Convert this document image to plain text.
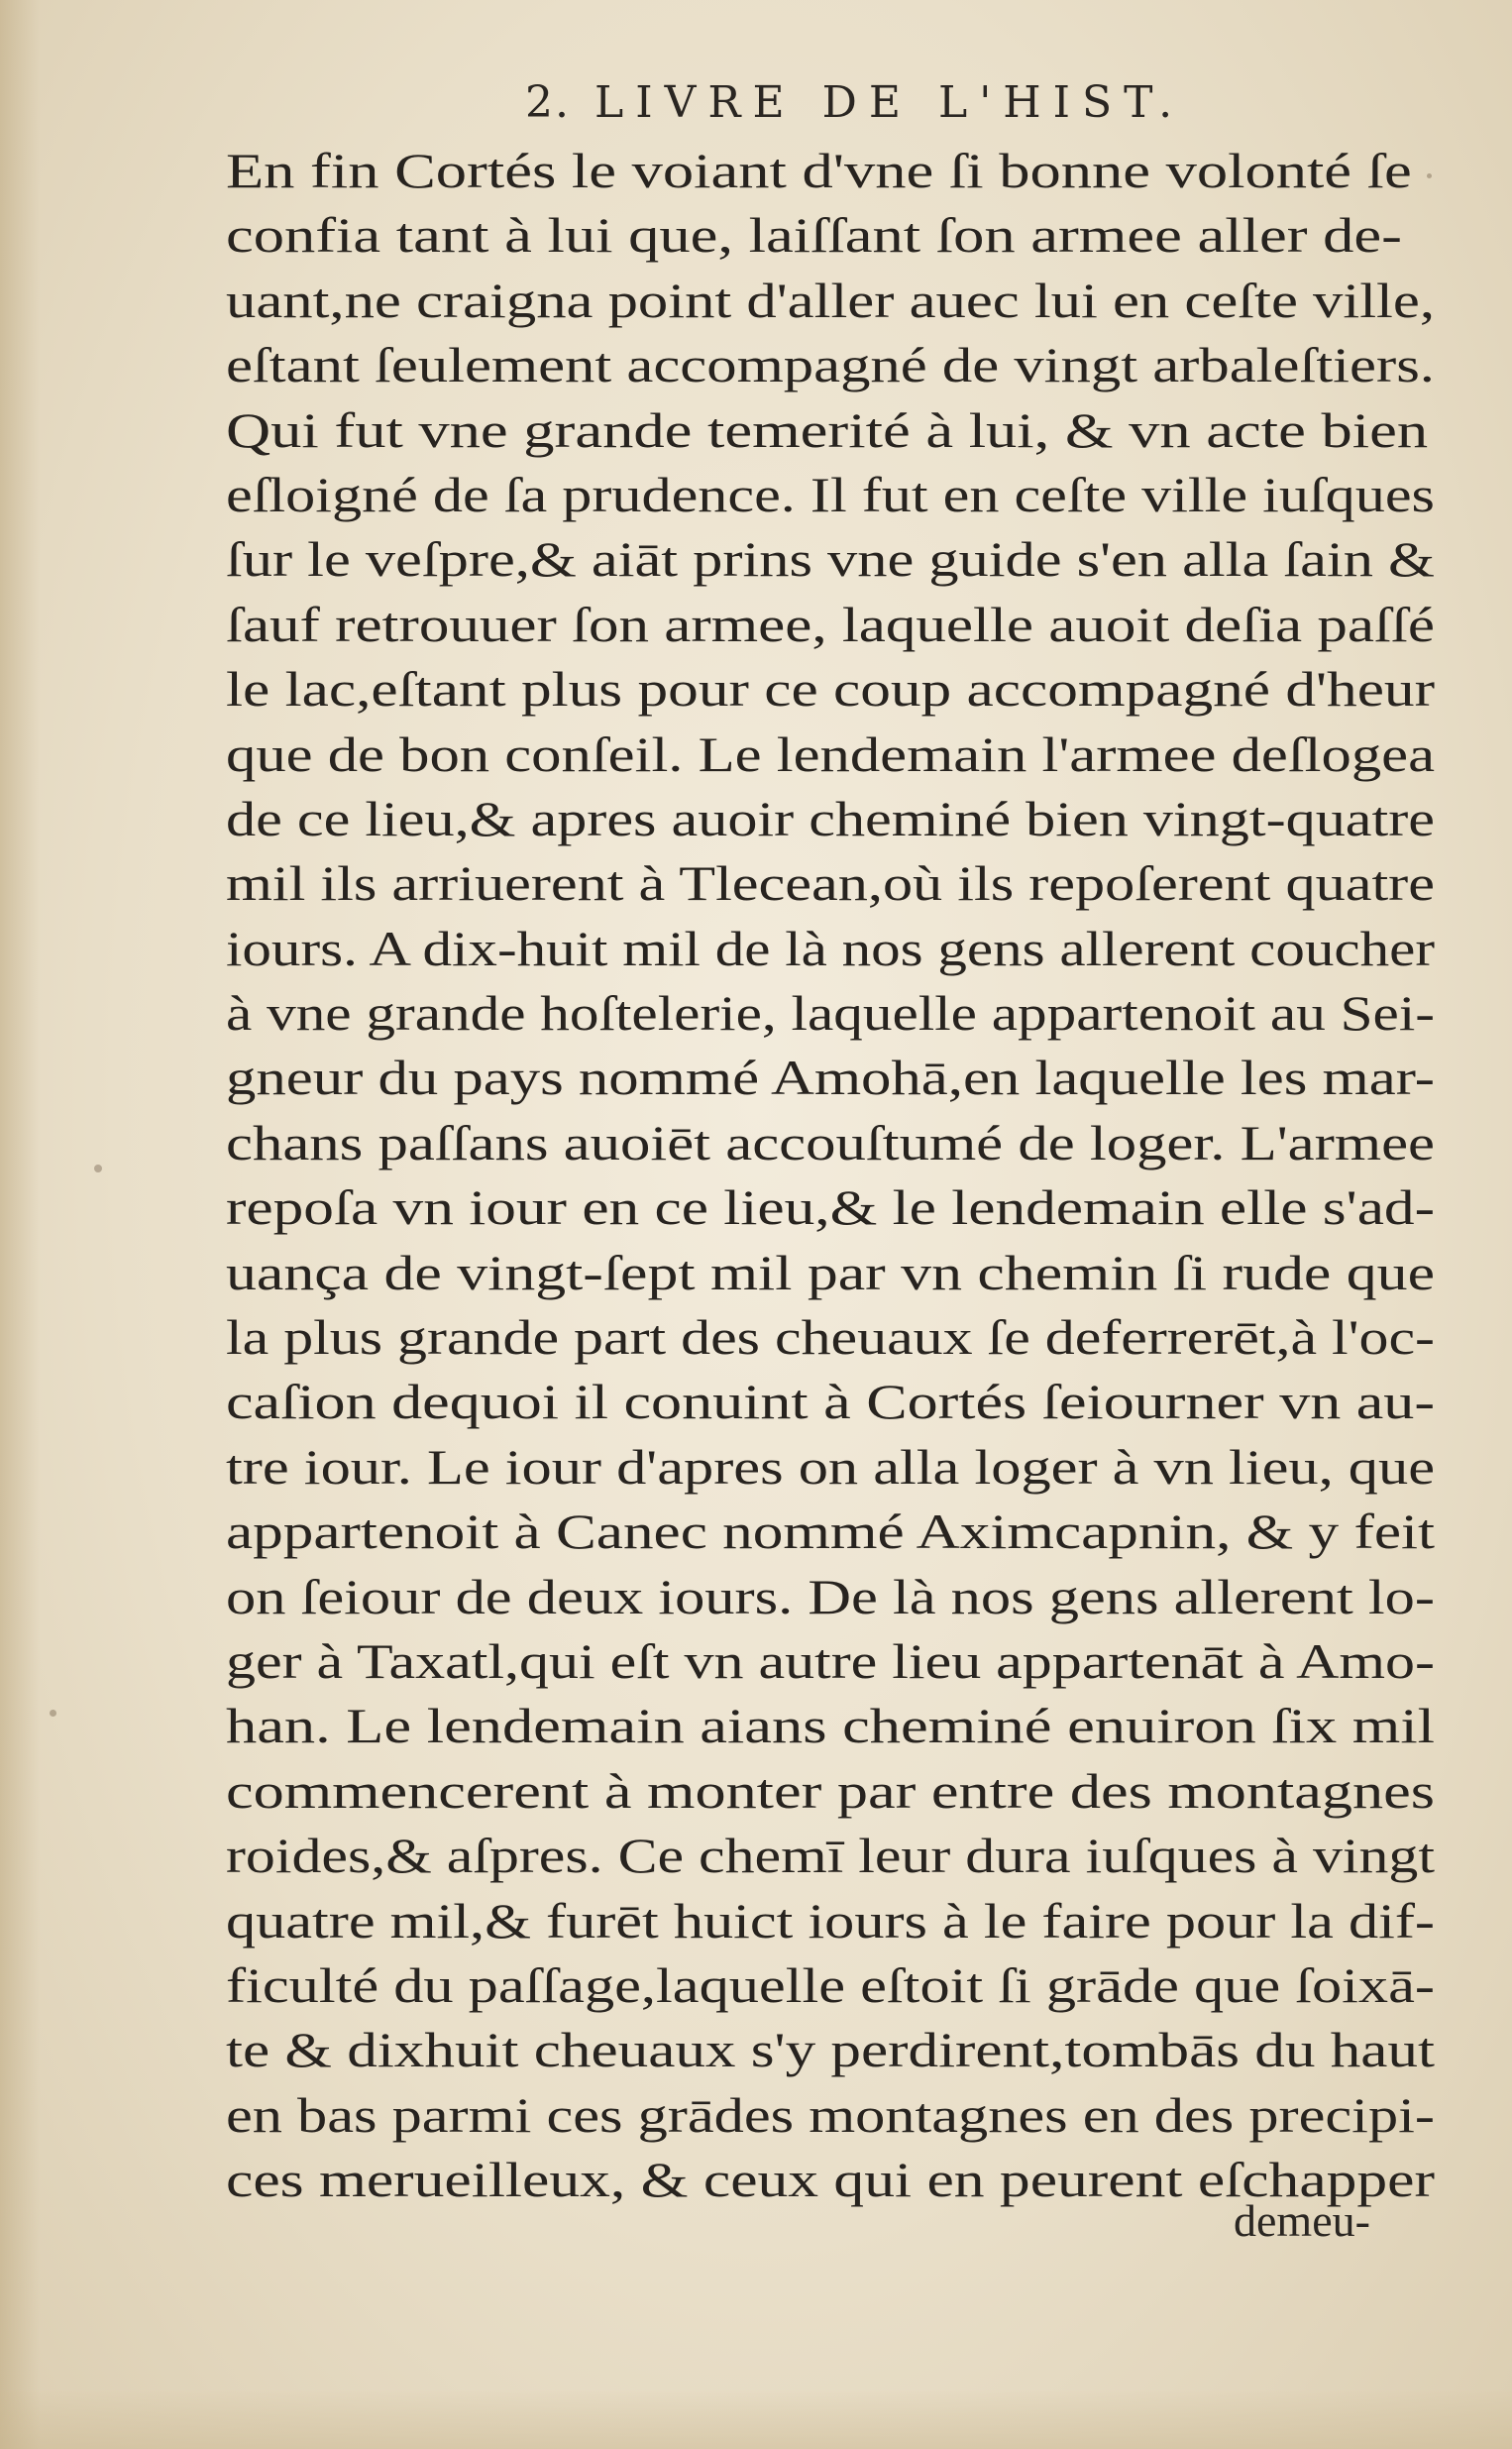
2. LIVRE DE L'HIST.
En fin Cortés le voiant d'vne ſi bonne volonté ſe
confia tant à lui que, laiſſant ſon armee aller de-
uant,ne craigna point d'aller auec lui en ceſte ville,
eſtant ſeulement accompagné de vingt arbaleſtiers.
Qui fut vne grande temerité à lui, & vn acte bien
eſloigné de ſa prudence. Il fut en ceſte ville iuſques
ſur le veſpre,& aiāt prins vne guide s'en alla ſain &
ſauf retrouuer ſon armee, laquelle auoit deſia paſſé
le lac,eſtant plus pour ce coup accompagné d'heur
que de bon conſeil. Le lendemain l'armee deſlogea
de ce lieu,& apres auoir cheminé bien vingt-quatre
mil ils arriuerent à Tlecean,où ils repoſerent quatre
iours. A dix-huit mil de là nos gens allerent coucher
à vne grande hoſtelerie, laquelle appartenoit au Sei-
gneur du pays nommé Amohā,en laquelle les mar-
chans paſſans auoiēt accouſtumé de loger. L'armee
repoſa vn iour en ce lieu,& le lendemain elle s'ad-
uança de vingt-ſept mil par vn chemin ſi rude que
la plus grande part des cheuaux ſe deferrerēt,à l'oc-
caſion dequoi il conuint à Cortés ſeiourner vn au-
tre iour. Le iour d'apres on alla loger à vn lieu, que
appartenoit à Canec nommé Aximcapnin, & y feit
on ſeiour de deux iours. De là nos gens allerent lo-
ger à Taxatl,qui eſt vn autre lieu appartenāt à Amo-
han. Le lendemain aians cheminé enuiron ſix mil
commencerent à monter par entre des montagnes
roides,& aſpres. Ce chemī leur dura iuſques à vingt
quatre mil,& furēt huict iours à le faire pour la dif-
ficulté du paſſage,laquelle eſtoit ſi grāde que ſoixā-
te & dixhuit cheuaux s'y perdirent,tombās du haut
en bas parmi ces grādes montagnes en des precipi-
ces merueilleux, & ceux qui en peurent eſchapper
demeu-
